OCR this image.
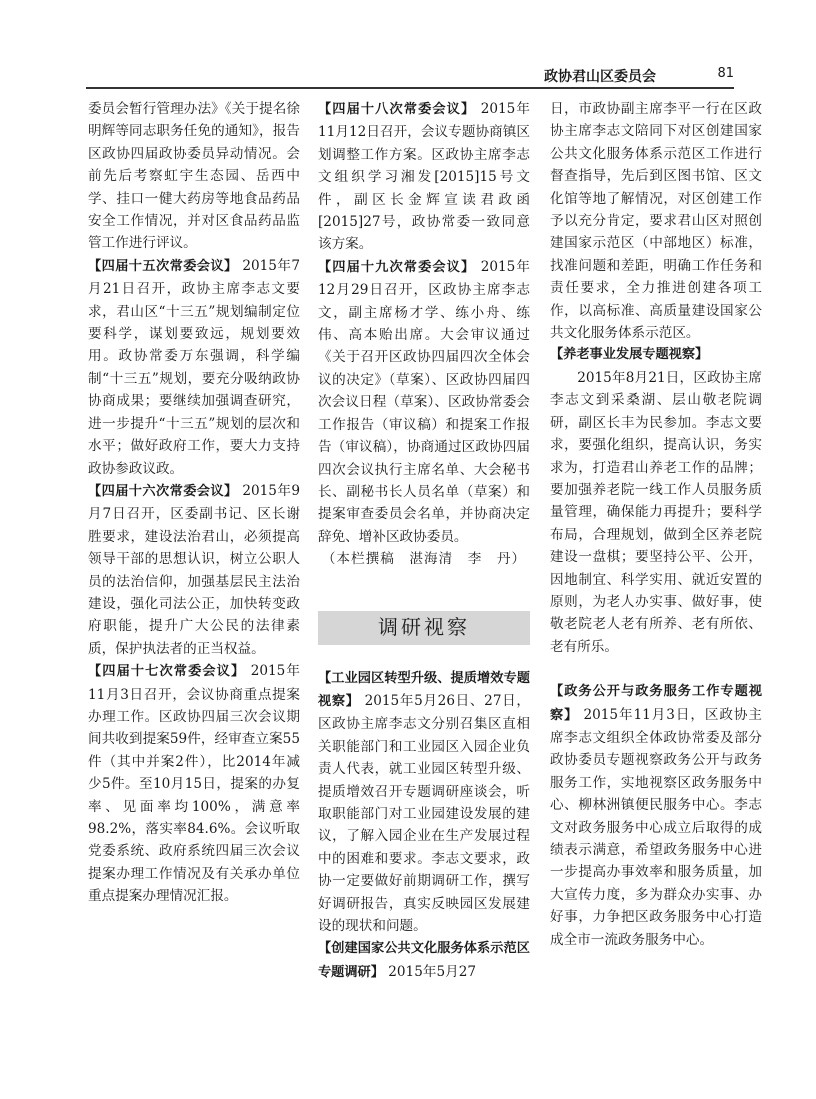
政协君山区委员会	81

委员会暂行管理办法》《关于提名徐明辉等同志职务任免的通知》，报告区政协四届政协委员异动情况。会前先后考察虹宇生态园、岳西中学、挂口一健大药房等地食品药品安全工作情况，并对区食品药品监管工作进行评议。

【四届十五次常委会议】 2015年7月21日召开，政协主席李志文要求，君山区“十三五”规划编制定位要科学，谋划要致远，规划要效用。政协常委万东强调，科学编制“十三五”规划，要充分吸纳政协协商成果；要继续加强调查研究，进一步提升“十三五”规划的层次和水平；做好政府工作，要大力支持政协参政议政。

【四届十六次常委会议】 2015年9月7日召开，区委副书记、区长谢胜要求，建设法治君山，必须提高领导干部的思想认识，树立公职人员的法治信仰，加强基层民主法治建设，强化司法公正，加快转变政府职能，提升广大公民的法律素质，保护执法者的正当权益。

【四届十七次常委会议】 2015年11月3日召开，会议协商重点提案办理工作。区政协四届三次会议期间共收到提案59件，经审查立案55件（其中并案2件），比2014年减少5件。至10月15日，提案的办复率、见面率均100%，满意率98.2%，落实率84.6%。会议听取党委系统、政府系统四届三次会议提案办理工作情况及有关承办单位重点提案办理情况汇报。

【四届十八次常委会议】 2015年11月12日召开，会议专题协商镇区划调整工作方案。区政协主席李志文组织学习湘发[2015]15号文件，副区长金辉宣读君政函[2015]27号，政协常委一致同意该方案。

【四届十九次常委会议】 2015年12月29日召开，区政协主席李志文，副主席杨才学、练小舟、练伟、高本贻出席。大会审议通过《关于召开区政协四届四次全体会议的决定》（草案）、区政协四届四次会议日程（草案）、区政协常委会工作报告（审议稿）和提案工作报告（审议稿），协商通过区政协四届四次会议执行主席名单、大会秘书长、副秘书长人员名单（草案）和提案审查委员会名单，并协商决定辞免、增补区政协委员。

（本栏撰稿　湛海清　李　丹）

调研视察

【工业园区转型升级、提质增效专题视察】 2015年5月26日、27日，区政协主席李志文分别召集区直相关职能部门和工业园区入园企业负责人代表，就工业园区转型升级、提质增效召开专题调研座谈会，听取职能部门对工业园建设发展的建议，了解入园企业在生产发展过程中的困难和要求。李志文要求，政协一定要做好前期调研工作，撰写好调研报告，真实反映园区发展建设的现状和问题。

【创建国家公共文化服务体系示范区专题调研】 2015年5月27

日，市政协副主席李平一行在区政协主席李志文陪同下对区创建国家公共文化服务体系示范区工作进行督查指导，先后到区图书馆、区文化馆等地了解情况，对区创建工作予以充分肯定，要求君山区对照创建国家示范区（中部地区）标准，找准问题和差距，明确工作任务和责任要求，全力推进创建各项工作，以高标准、高质量建设国家公共文化服务体系示范区。

【养老事业发展专题视察】

2015年8月21日，区政协主席李志文到采桑湖、层山敬老院调研，副区长丰为民参加。李志文要求，要强化组织，提高认识，务实求为，打造君山养老工作的品牌；要加强养老院一线工作人员服务质量管理，确保能力再提升；要科学布局，合理规划，做到全区养老院建设一盘棋；要坚持公平、公开，因地制宜、科学实用、就近安置的原则，为老人办实事、做好事，使敬老院老人老有所养、老有所依、老有所乐。

【政务公开与政务服务工作专题视察】 2015年11月3日，区政协主席李志文组织全体政协常委及部分政协委员专题视察政务公开与政务服务工作，实地视察区政务服务中心、柳林洲镇便民服务中心。李志文对政务服务中心成立后取得的成绩表示满意，希望政务服务中心进一步提高办事效率和服务质量，加大宣传力度，多为群众办实事、办好事，力争把区政务服务中心打造成全市一流政务服务中心。
